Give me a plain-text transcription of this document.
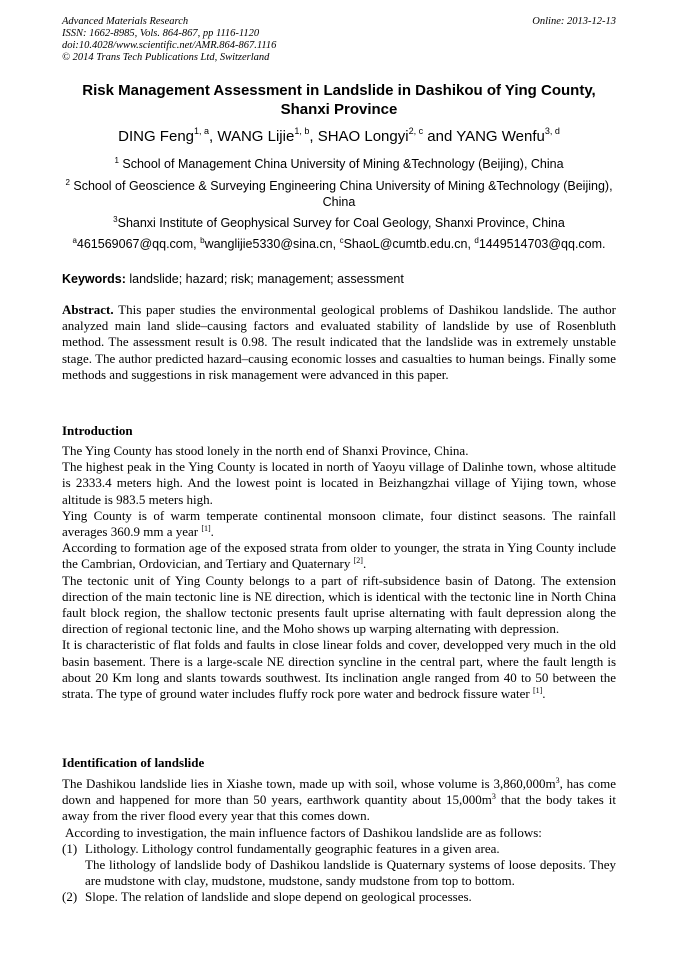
Advanced Materials Research
ISSN: 1662-8985, Vols. 864-867, pp 1116-1120
doi:10.4028/www.scientific.net/AMR.864-867.1116
© 2014 Trans Tech Publications Ltd, Switzerland
Online: 2013-12-13
Risk Management Assessment in Landslide in Dashikou of Ying County,
Shanxi Province
DING Feng$^{1, a}$, WANG Lijie$^{1, b}$, SHAO Longyi$^{2, c}$ and YANG Wenfu$^{3, d}$
$^1$ School of Management China University of Mining &Technology (Beijing), China
$^2$ School of Geoscience & Surveying Engineering China University of Mining &Technology (Beijing),
China
$^3$Shanxi Institute of Geophysical Survey for Coal Geology, Shanxi Province, China
$^a$461569067@qq.com, $^b$wanglijie5330@sina.cn, $^c$ShaoL@cumtb.edu.cn, $^d$1449514703@qq.com.
Keywords: landslide; hazard; risk; management; assessment
Abstract. This paper studies the environmental geological problems of Dashikou landslide. The author analyzed main land slide–causing factors and evaluated stability of landslide by use of Rosenbluth method. The assessment result is 0.98. The result indicated that the landslide was in extremely unstable stage. The author predicted hazard–causing economic losses and casualties to human beings. Finally some methods and suggestions in risk management were advanced in this paper.
Introduction

The Ying County has stood lonely in the north end of Shanxi Province, China.

The highest peak in the Ying County is located in north of Yaoyu village of Dalinhe town, whose altitude is 2333.4 meters high. And the lowest point is located in Beizhangzhai village of Yijing town, whose altitude is 983.5 meters high.

Ying County is of warm temperate continental monsoon climate, four distinct seasons. The rainfall averages 360.9 mm a year [1].

According to formation age of the exposed strata from older to younger, the strata in Ying County include the Cambrian, Ordovician, and Tertiary and Quaternary [2].

The tectonic unit of Ying County belongs to a part of rift-subsidence basin of Datong. The extension direction of the main tectonic line is NE direction, which is identical with the tectonic line in North China fault block region, the shallow tectonic presents fault uprise alternating with fault depression along the direction of regional tectonic line, and the Moho shows up warping alternating with depression.

It is characteristic of flat folds and faults in close linear folds and cover, developped very much in the old basin basement. There is a large-scale NE direction syncline in the central part, where the fault length is about 20 Km long and slants towards southwest. Its inclination angle ranged from 40 to 50 between the strata. The type of ground water includes fluffy rock pore water and bedrock fissure water [1].

Identification of landslide

The Dashikou landslide lies in Xiashe town, made up with soil, whose volume is $3,860,000m^3$, has come down and happened for more than 50 years, earthwork quantity about $15,000m^3$ that the body takes it away from the river flood every year that this comes down.

According to investigation, the main influence factors of Dashikou landslide are as follows:

(1) Lithology. Lithology control fundamentally geographic features in a given area.

The lithology of landslide body of Dashikou landslide is Quaternary systems of loose deposits. They are mudstone with clay, mudstone, mudstone, sandy mudstone from top to bottom.

(2) Slope. The relation of landslide and slope depend on geological processes.
